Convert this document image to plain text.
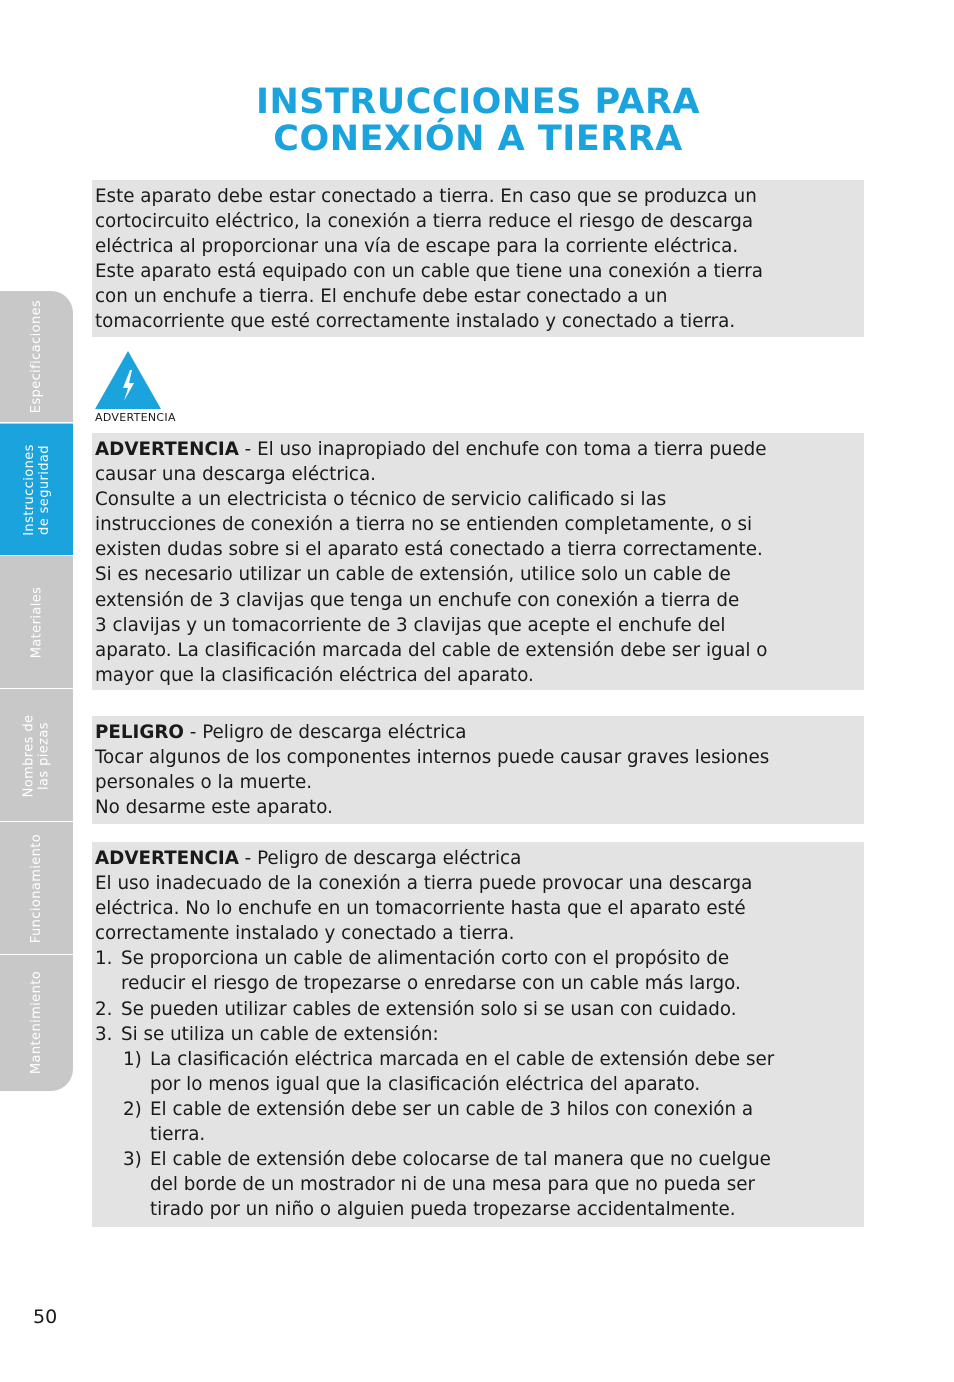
INSTRUCCIONES PARA
CONEXIÓN A TIERRA

Este aparato debe estar conectado a tierra. En caso que se produzca un

cortocircuito eléctrico, la conexión a tierra reduce el riesgo de descarga

eléctrica al proporcionar una vía de escape para la corriente eléctrica.

Este aparato está equipado con un cable que tiene una conexión a tierra

con un enchufe a tierra. El enchufe debe estar conectado a un

tomacorriente que esté correctamente instalado y conectado a tierra.

ADVERTENCIA

ADVERTENCIA - El uso inapropiado del enchufe con toma a tierra puede

causar una descarga eléctrica.

Consulte a un electricista o técnico de servicio calificado si las

instrucciones de conexión a tierra no se entienden completamente, o si

existen dudas sobre si el aparato está conectado a tierra correctamente.

Si es necesario utilizar un cable de extensión, utilice solo un cable de

extensión de 3 clavijas que tenga un enchufe con conexión a tierra de

3 clavijas y un tomacorriente de 3 clavijas que acepte el enchufe del

aparato. La clasificación marcada del cable de extensión debe ser igual o

mayor que la clasificación eléctrica del aparato.

PELIGRO - Peligro de descarga eléctrica

Tocar algunos de los componentes internos puede causar graves lesiones

personales o la muerte.

No desarme este aparato.

ADVERTENCIA - Peligro de descarga eléctrica

El uso inadecuado de la conexión a tierra puede provocar una descarga

eléctrica. No lo enchufe en un tomacorriente hasta que el aparato esté

correctamente instalado y conectado a tierra.

1. Se proporciona un cable de alimentación corto con el propósito de

reducir el riesgo de tropezarse o enredarse con un cable más largo.

2. Se pueden utilizar cables de extensión solo si se usan con cuidado.

3. Si se utiliza un cable de extensión:

1) La clasificación eléctrica marcada en el cable de extensión debe ser

por lo menos igual que la clasificación eléctrica del aparato.

2) El cable de extensión debe ser un cable de 3 hilos con conexión a

tierra.

3) El cable de extensión debe colocarse de tal manera que no cuelgue

del borde de un mostrador ni de una mesa para que no pueda ser

tirado por un niño o alguien pueda tropezarse accidentalmente.

Especificaciones
Instrucciones
de seguridad
Materiales
Nombres de
las piezas
Funcionamiento
Mantenimiento
50
